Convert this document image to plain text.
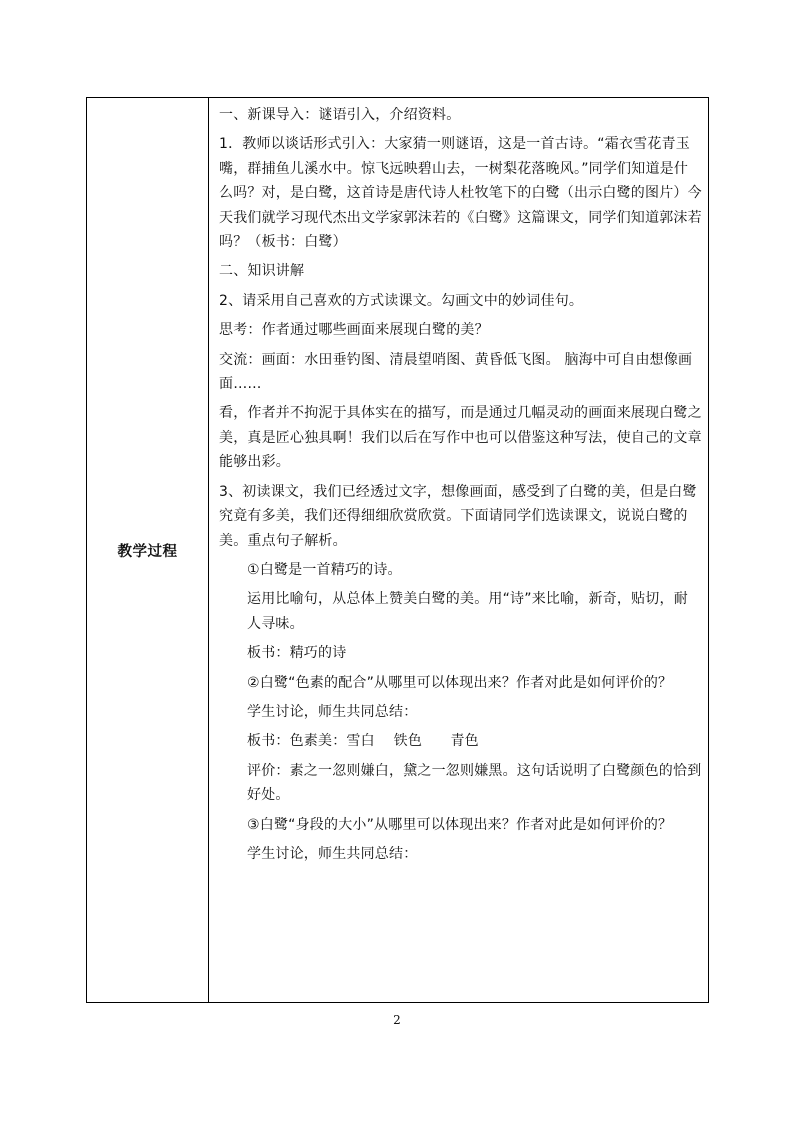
教学过程	

一、新课导入：谜语引入，介绍资料。

1．教师以谈话形式引入：大家猜一则谜语，这是一首古诗。“霜衣雪花青玉嘴，群捕鱼儿溪水中。惊飞远映碧山去，一树梨花落晚风。”同学们知道是什么吗？对，是白鹭，这首诗是唐代诗人杜牧笔下的白鹭（出示白鹭的图片）今天我们就学习现代杰出文学家郭沫若的《白鹭》这篇课文，同学们知道郭沫若吗？（板书：白鹭）

二、知识讲解

2、请采用自己喜欢的方式读课文。勾画文中的妙词佳句。

思考：作者通过哪些画面来展现白鹭的美？

交流：画面：水田垂钓图、清晨望哨图、黄昏低飞图。 脑海中可自由想像画面……

看，作者并不拘泥于具体实在的描写，而是通过几幅灵动的画面来展现白鹭之美，真是匠心独具啊！我们以后在写作中也可以借鉴这种写法，使自己的文章能够出彩。

3、初读课文，我们已经透过文字，想像画面，感受到了白鹭的美，但是白鹭究竟有多美，我们还得细细欣赏欣赏。下面请同学们选读课文，说说白鹭的美。重点句子解析。

①白鹭是一首精巧的诗。

运用比喻句，从总体上赞美白鹭的美。用“诗”来比喻，新奇，贴切，耐人寻味。

板书：精巧的诗

②白鹭“色素的配合”从哪里可以体现出来？作者对此是如何评价的？

学生讨论，师生共同总结：

板书：色素美：雪白　 铁色　　青色

评价：素之一忽则嫌白，黛之一忽则嫌黑。这句话说明了白鹭颜色的恰到好处。

③白鹭“身段的大小”从哪里可以体现出来？作者对此是如何评价的？

学生讨论，师生共同总结：

2
